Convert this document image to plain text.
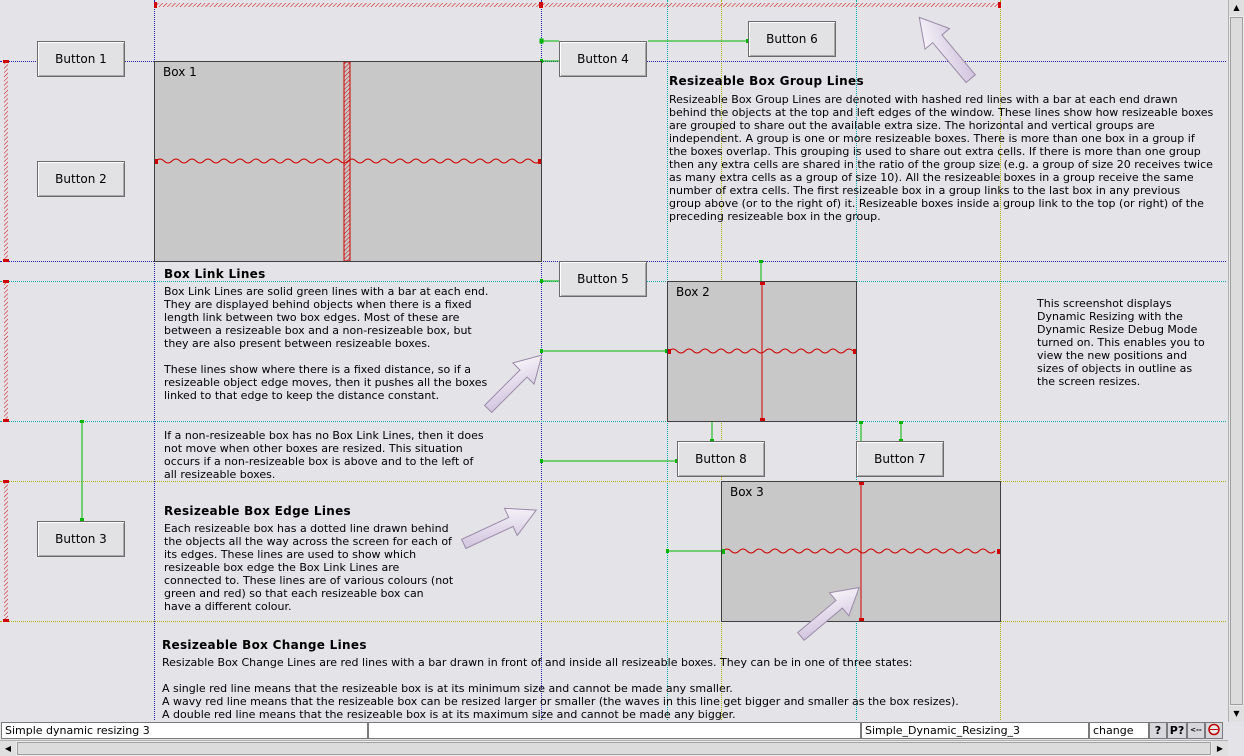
Button 1
Button 2
Button 3
Button 4
Button 5
Button 6
Button 7
Button 8
Box 1
Box 2
Box 3
Resizeable Box Group Lines
Resizeable Box Group Lines are denoted with hashed red lines with a bar at each end drawn behind the objects at the top and left edges of the window. These lines show how resizeable boxes are grouped to share out the available extra size. The horizontal and vertical groups are independent. A group is one or more resizeable boxes. There is more than one box in a group if the boxes overlap. This grouping is used to share out extra cells. If there is more than one group then any extra cells are shared in the ratio of the group size (e.g. a group of size 20 receives twice as many extra cells as a group of size 10). All the resizeable boxes in a group receive the same number of extra cells. The first resizeable box in a group links to the last box in any previous group above (or to the right of) it. Resizeable boxes inside a group link to the top (or right) of the preceding resizeable box in the group.
Box Link Lines
Box Link Lines are solid green lines with a bar at each end. They are displayed behind objects when there is a fixed length link between two box edges. Most of these are between a resizeable box and a non-resizeable box, but they are also present between resizeable boxes.
These lines show where there is a fixed distance, so if a resizeable object edge moves, then it pushes all the boxes linked to that edge to keep the distance constant.
If a non-resizeable box has no Box Link Lines, then it does not move when other boxes are resized. This situation occurs if a non-resizeable box is above and to the left of all resizeable boxes.
Resizeable Box Edge Lines
Each resizeable box has a dotted line drawn behind the objects all the way across the screen for each of its edges. These lines are used to show which resizeable box edge the Box Link Lines are connected to. These lines are of various colours (not green and red) so that each resizeable box can have a different colour.
Resizeable Box Change Lines
Resizable Box Change Lines are red lines with a bar drawn in front of and inside all resizeable boxes. They can be in one of three states:
A single red line means that the resizeable box is at its minimum size and cannot be made any smaller.
A wavy red line means that the resizeable box can be resized larger or smaller (the waves in this line get bigger and smaller as the box resizes).
A double red line means that the resizeable box is at its maximum size and cannot be made any bigger.
This screenshot displays Dynamic Resizing with the Dynamic Resize Debug Mode turned on. This enables you to view the new positions and sizes of objects in outline as the screen resizes.
▲
▼
Simple dynamic resizing 3	Simple_Dynamic_Resizing_3	change	? P? <--
◀	▶
